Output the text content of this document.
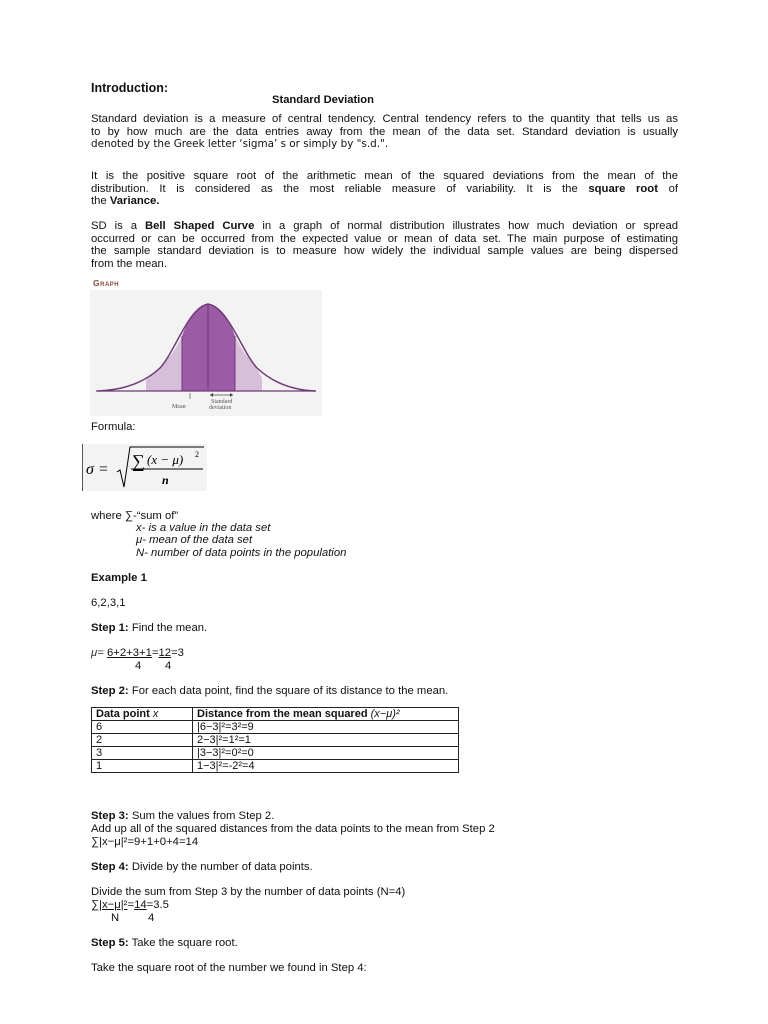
Introduction:
Standard Deviation
Standard deviation is a measure of central tendency. Central tendency refers to the quantity that tells us as
to by how much are the data entries away from the mean of the data set. Standard deviation is usually
denoted by the Greek letter ‘sigma’ s or simply by "s.d.".
It is the positive square root of the arithmetic mean of the squared deviations from the mean of the
distribution. It is considered as the most reliable measure of variability. It is the square root of
the Variance.
SD is a Bell Shaped Curve in a graph of normal distribution illustrates how much deviation or spread
occurred or can be occurred from the expected value or mean of data set. The main purpose of estimating
the sample standard deviation is to measure how widely the individual sample values are being dispersed
from the mean.
Graph
Mean
Standard
deviation
Formula:
σ = ∑ (x − μ) 2
n
where ∑-“sum of”
x- is a value in the data set
μ- mean of the data set
N- number of data points in the population
Example 1
6,2,3,1
Step 1: Find the mean.
μ= 6+2+3+1=12=3
4 4
Step 2: For each data point, find the square of its distance to the mean.
Data point x	Distance from the mean squared (x−μ)²
6	|6−3|²=3²=9
2	2−3|²=1²=1
3	|3−3|²=0²=0
1	1−3|²=-2²=4
Step 3: Sum the values from Step 2.
Add up all of the squared distances from the data points to the mean from Step 2
∑|x−μ|²=9+1+0+4=14
Step 4: Divide by the number of data points.
Divide the sum from Step 3 by the number of data points (N=4)
∑|x−μ|²=14=3.5
N	4
Step 5: Take the square root.
Take the square root of the number we found in Step 4:
